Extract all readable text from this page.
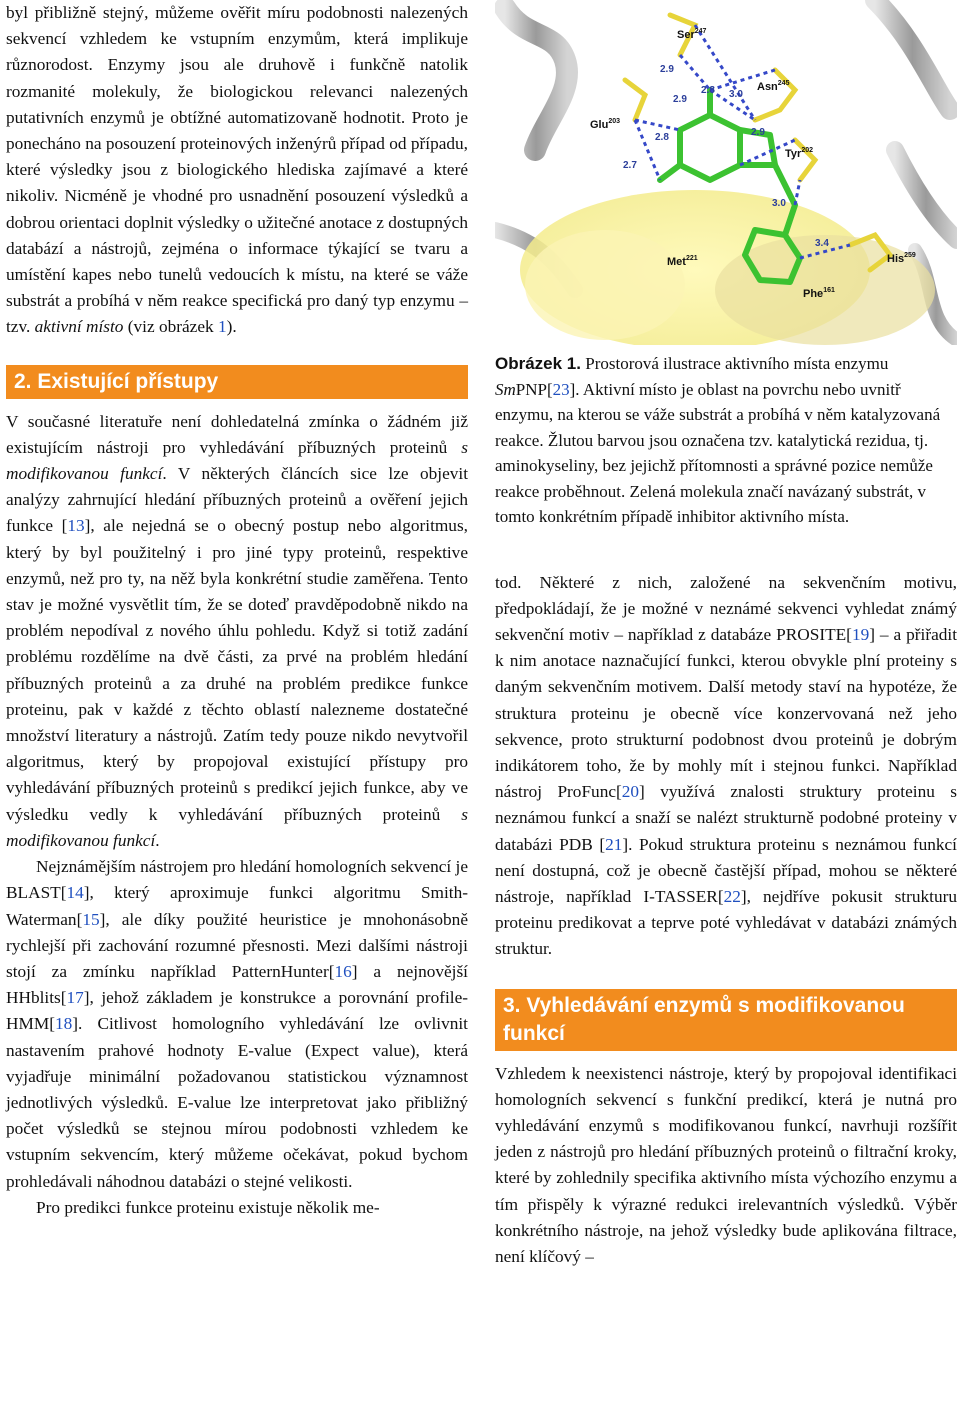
byl přibližně stejný, můžeme ověřit míru podobnosti nalezených sekvencí vzhledem ke vstupním enzymům, která implikuje různorodost. Enzymy jsou ale druhově i funkčně natolik rozmanité molekuly, že biologickou relevanci nalezených putativních enzymů je obtížné automatizovaně hodnotit. Proto je ponecháno na posouzení proteinových inženýrů případ od případu, které výsledky jsou z biologického hlediska zajímavé a které nikoliv. Nicméně je vhodné pro usnadnění posouzení výsledků a dobrou orientaci doplnit výsledky o užitečné anotace z dostupných databází a nástrojů, zejména o informace týkající se tvaru a umístění kapes nebo tunelů vedoucích k místu, na které se váže substrát a probíhá v něm reakce specifická pro daný typ enzymu – tzv. aktivní místo (viz obrázek 1).

2. Existující přístupy

V současné literatuře není dohledatelná zmínka o žádném již existujícím nástroji pro vyhledávání příbuzných proteinů s modifikovanou funkcí. V některých článcích sice lze objevit analýzy zahrnující hledání příbuzných proteinů a ověření jejich funkce [13], ale nejedná se o obecný postup nebo algoritmus, který by byl použitelný i pro jiné typy proteinů, respektive enzymů, než pro ty, na něž byla konkrétní studie zaměřena. Tento stav je možné vysvětlit tím, že se doteď pravděpodobně nikdo na problém nepodíval z nového úhlu pohledu. Když si totiž zadání problému rozdělíme na dvě části, za prvé na problém hledání příbuzných proteinů a za druhé na problém predikce funkce proteinu, pak v každé z těchto oblastí nalezneme dostatečné množství literatury a nástrojů. Zatím tedy pouze nikdo nevytvořil algoritmus, který by propojoval existující přístupy pro vyhledávání příbuzných proteinů s predikcí jejich funkce, aby ve výsledku vedly k vyhledávání příbuzných proteinů s modifikovanou funkcí.

Nejznámějším nástrojem pro hledání homologních sekvencí je BLAST[14], který aproximuje funkci algoritmu Smith-Waterman[15], ale díky použité heuristice je mnohonásobně rychlejší při zachování rozumné přesnosti. Mezi dalšími nástroji stojí za zmínku například PatternHunter[16] a nejnovější HHblits[17], jehož základem je konstrukce a porovnání profile-HMM[18]. Citlivost homologního vyhledávání lze ovlivnit nastavením prahové hodnoty E-value (Expect value), která vyjadřuje minimální požadovanou statistickou významnost jednotlivých výsledků. E-value lze interpretovat jako přibližný počet výsledků se stejnou mírou podobnosti vzhledem ke vstupním sekvencím, který můžeme očekávat, pokud bychom prohledávali náhodnou databázi o stejné velikosti.

Pro predikci funkce proteinu existuje několik me-

Ser$^{247}$
Asn$^{245}$
Glu$^{203}$
Tyr$^{202}$
Met$^{221}$	His$^{259}$
Phe$^{161}$
2.9
2.9
2.8 3.0
2.8
2.7
2.9
3.0
3.4

Obrázek 1. Prostorová ilustrace aktivního místa enzymu SmPNP[23]. Aktivní místo je oblast na povrchu nebo uvnitř enzymu, na kterou se váže substrát a probíhá v něm katalyzovaná reakce. Žlutou barvou jsou označena tzv. katalytická rezidua, tj. aminokyseliny, bez jejichž přítomnosti a správné pozice nemůže reakce proběhnout. Zelená molekula značí navázaný substrát, v tomto konkrétním případě inhibitor aktivního místa.

tod. Některé z nich, založené na sekvenčním motivu, předpokládají, že je možné v neznámé sekvenci vyhledat známý sekvenční motiv – například z databáze PROSITE[19] – a přiřadit k nim anotace naznačující funkci, kterou obvykle plní proteiny s daným sekvenčním motivem. Další metody staví na hypotéze, že struktura proteinu je obecně více konzervovaná než jeho sekvence, proto strukturní podobnost dvou proteinů je dobrým indikátorem toho, že by mohly mít i stejnou funkci. Například nástroj ProFunc[20] využívá znalosti struktury proteinu s neznámou funkcí a snaží se nalézt strukturně podobné proteiny v databázi PDB [21]. Pokud struktura proteinu s neznámou funkcí není dostupná, což je obecně častější případ, mohou se některé nástroje, například I-TASSER[22], nejdříve pokusit strukturu proteinu predikovat a teprve poté vyhledávat v databázi známých struktur.

3. Vyhledávání enzymů s modifikovanou funkcí

Vzhledem k neexistenci nástroje, který by propojoval identifikaci homologních sekvencí s funkční predikcí, která je nutná pro vyhledávání enzymů s modifikovanou funkcí, navrhuji rozšířit jeden z nástrojů pro hledání příbuzných proteinů o filtrační kroky, které by zohlednily specifika aktivního místa výchozího enzymu a tím přispěly k výrazné redukci irelevantních výsledků. Výběr konkrétního nástroje, na jehož výsledky bude aplikována filtrace, není klíčový –
